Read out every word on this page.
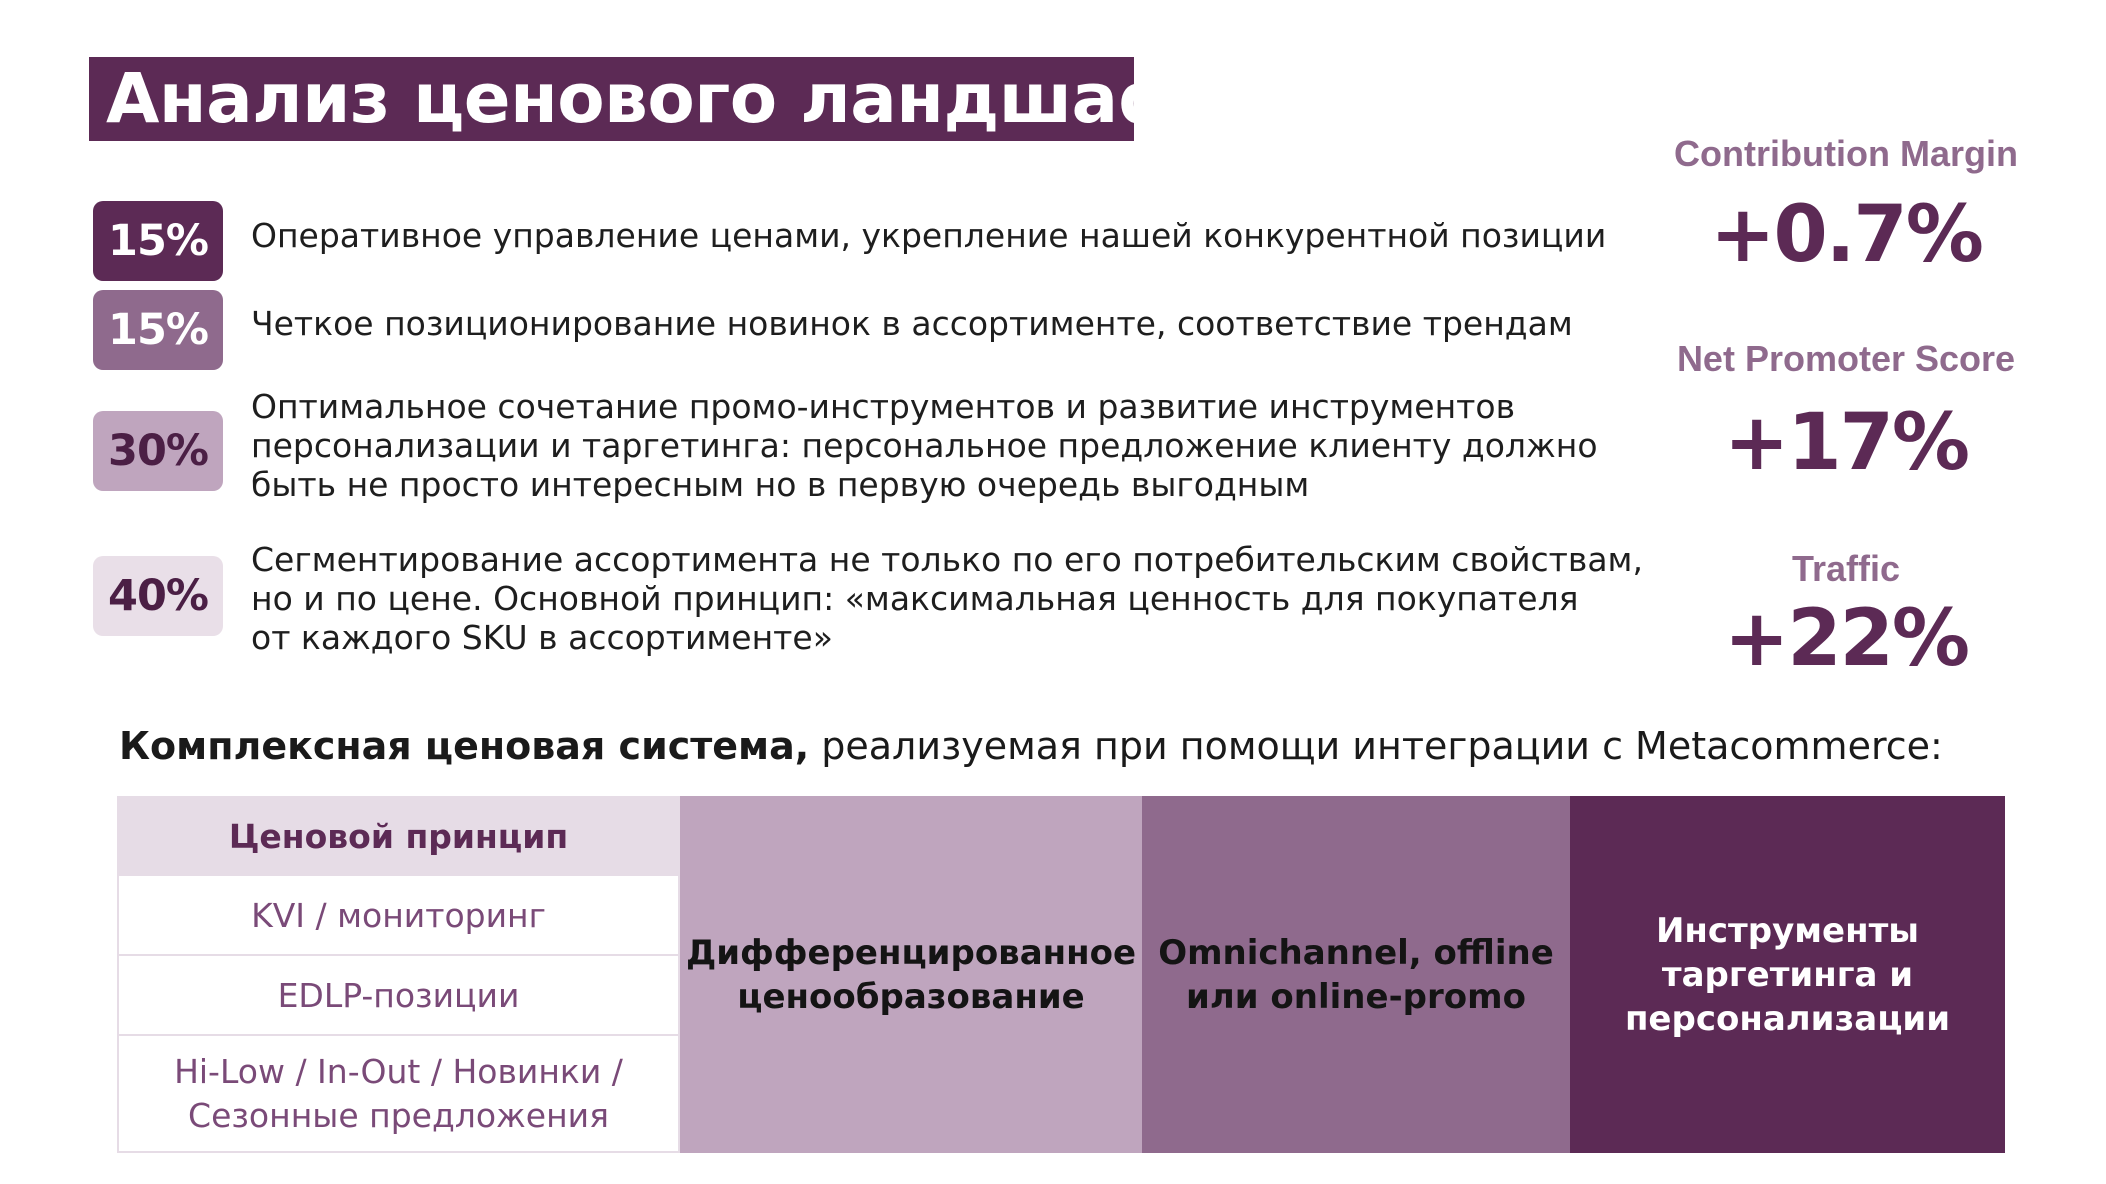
Анализ ценового ландшафта
15%
15%
30%
40%
Оперативное управление ценами, укрепление нашей конкурентной позиции
Четкое позиционирование новинок в ассортименте, соответствие трендам
Оптимальное сочетание промо-инструментов и развитие инструментов
персонализации и таргетинга: персональное предложение клиенту должно
быть не просто интересным но в первую очередь выгодным
Сегментирование ассортимента не только по его потребительским свойствам,
но и по цене. Основной принцип: «максимальная ценность для покупателя
от каждого SKU в ассортименте»
Contribution Margin
+0.7%
Net Promoter Score
+17%
Traffic
+22%
Комплексная ценовая система, реализуемая при помощи интеграции с Metacommerce:
Ценовой принцип
KVI / мониторинг
EDLP-позиции
Hi-Low / In-Out / Новинки /
Сезонные предложения
Дифференцированное
ценообразование
Omnichannel, offline
или online-promo
Инструменты
таргетинга и
персонализации
